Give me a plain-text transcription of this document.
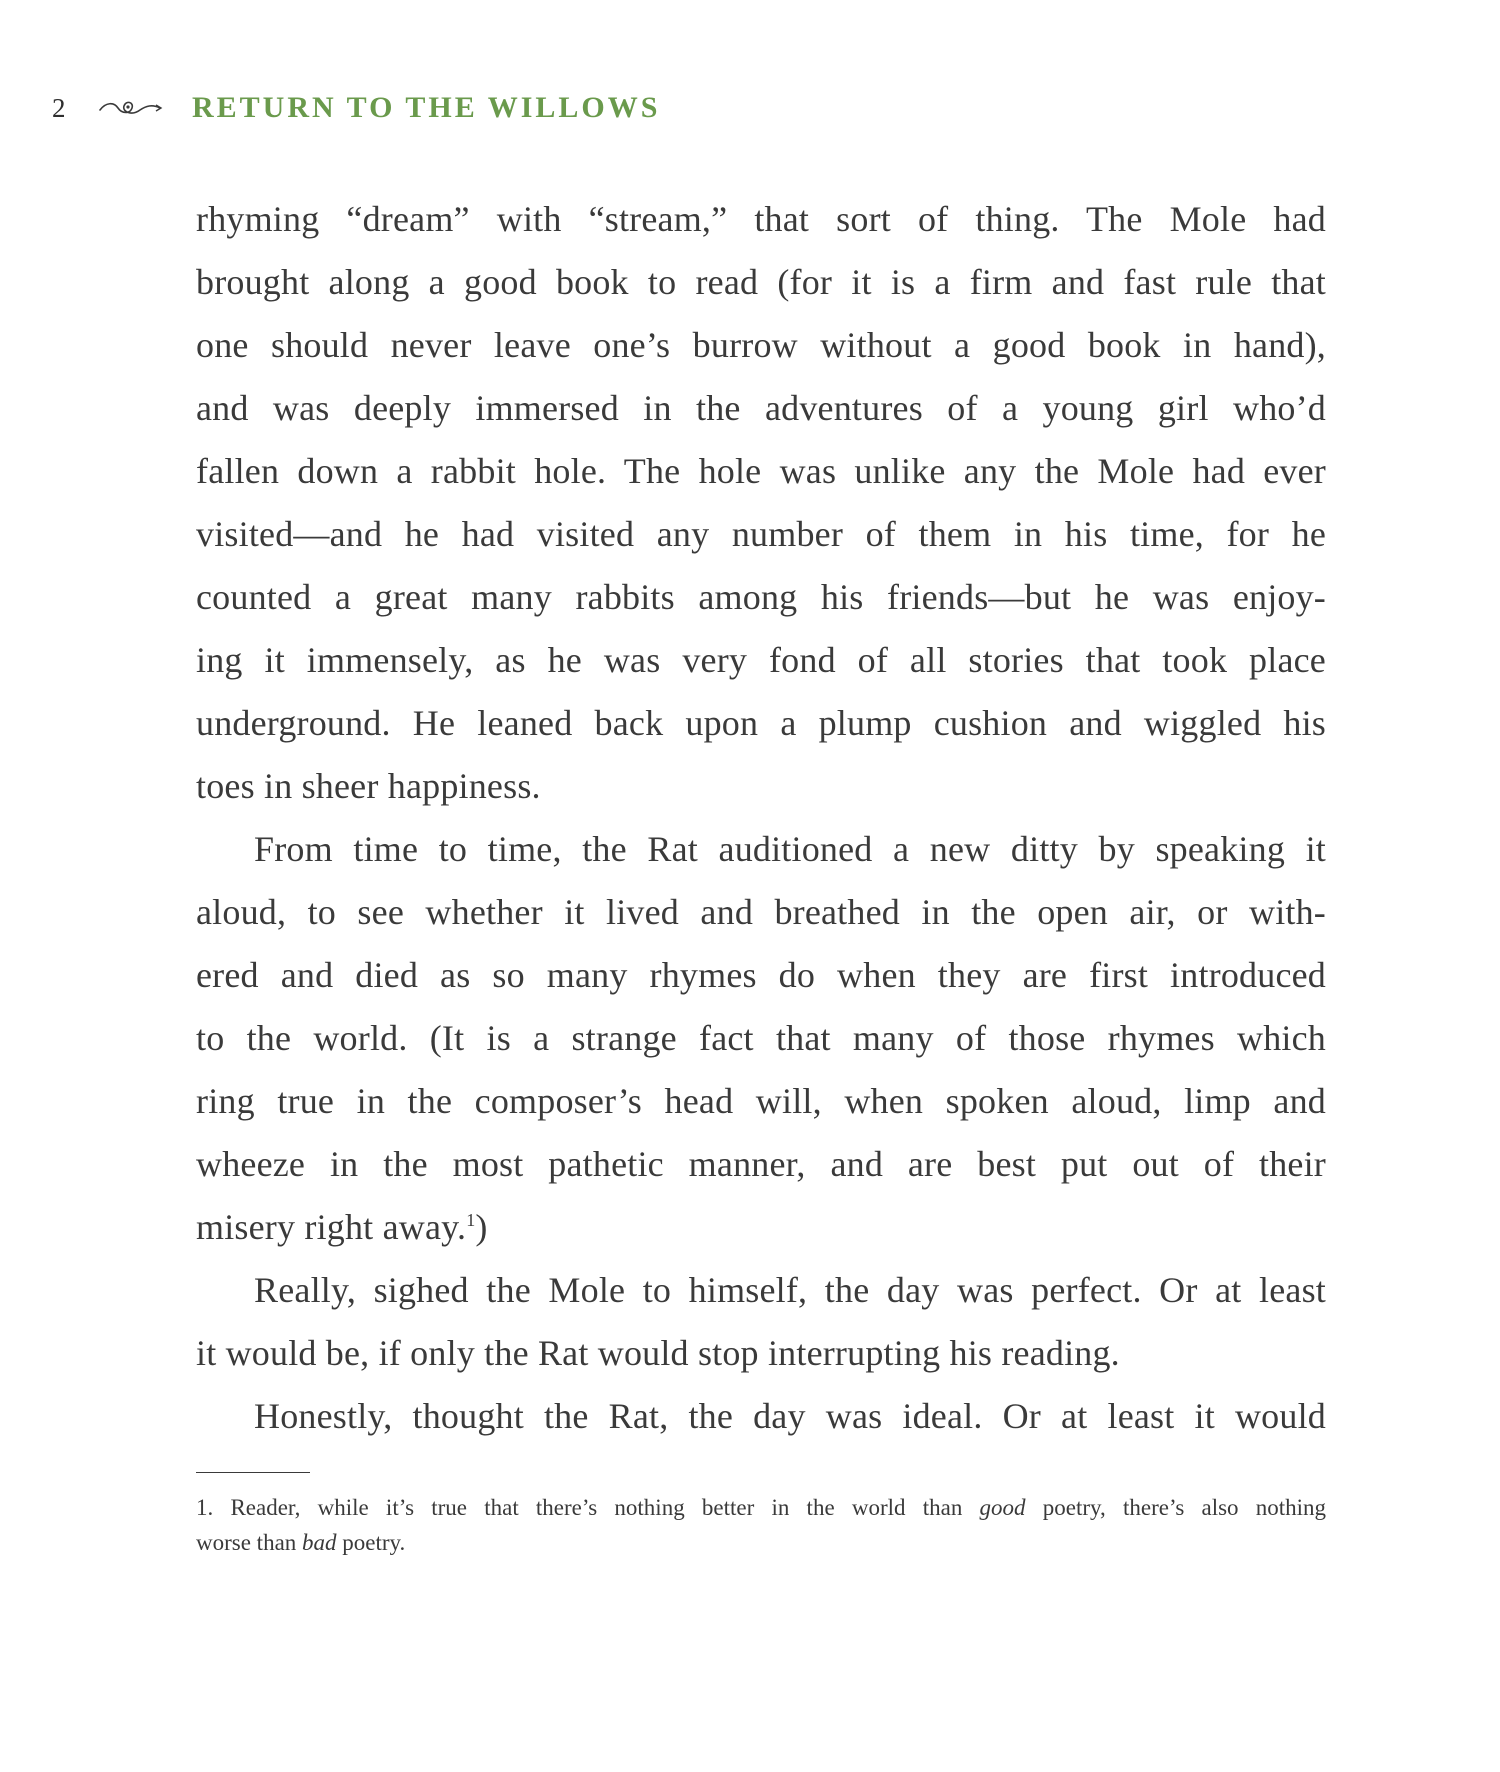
2	RETURN TO THE WILLOWS
rhyming “dream” with “stream,” that sort of thing. The Mole had
brought along a good book to read (for it is a firm and fast rule that
one should never leave one’s burrow without a good book in hand),
and was deeply immersed in the adventures of a young girl who’d
fallen down a rabbit hole. The hole was unlike any the Mole had ever
visited—and he had visited any number of them in his time, for he
counted a great many rabbits among his friends—but he was enjoy-
ing it immensely, as he was very fond of all stories that took place
underground. He leaned back upon a plump cushion and wiggled his
toes in sheer happiness.
From time to time, the Rat auditioned a new ditty by speaking it
aloud, to see whether it lived and breathed in the open air, or with-
ered and died as so many rhymes do when they are first introduced
to the world. (It is a strange fact that many of those rhymes which
ring true in the composer’s head will, when spoken aloud, limp and
wheeze in the most pathetic manner, and are best put out of their
misery right away.$^1$)
Really, sighed the Mole to himself, the day was perfect. Or at least
it would be, if only the Rat would stop interrupting his reading.
Honestly, thought the Rat, the day was ideal. Or at least it would
1. Reader, while it’s true that there’s nothing better in the world than good poetry, there’s also nothing
worse than bad poetry.
